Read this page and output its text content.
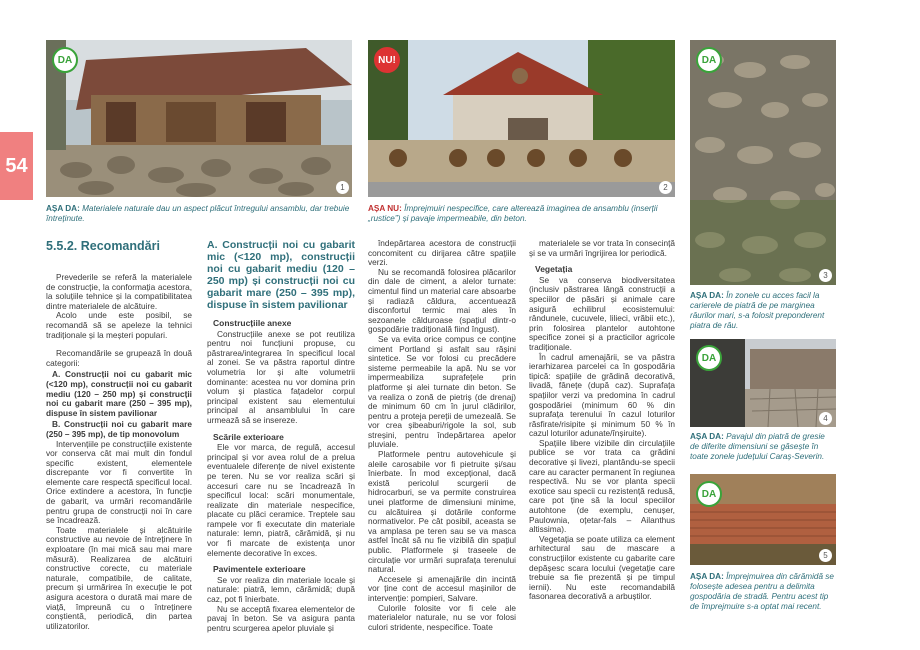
54
DA
1
NU!
2
DA
3
DA
4
DA
5
AȘA DA: Materialele naturale dau un aspect plăcut întregului ansamblu, dar trebuie întreținute.
AȘA NU: Împrejmuiri nespecifice, care alterează imaginea de ansamblu (inserții „rustice”) și pavaje impermeabile, din beton.
AȘA DA: În zonele cu acces facil la carierele de piatră de pe marginea râurilor mari, s-a folosit preponderent piatra de râu.
AȘA DA: Pavajul din piatră de gresie de diferite dimensiuni se găsește în toate zonele județului Caraș-Severin.
AȘA DA: Împrejmuirea din cărămidă se folosește adesea pentru a delimita gospodăria de stradă. Pentru acest tip de împrejmuire s-a optat mai recent.
5.5.2. Recomandări

Prevederile se referă la materialele de construcție, la conformația acestora, la soluțiile tehnice și la compatibilitatea dintre materialele de alcătuire.

Acolo unde este posibil, se recomandă să se apeleze la tehnici tradiționale și la meșteri populari.

Recomandările se grupează în două categorii:

A. Construcții noi cu gabarit mic (<120 mp), construcții noi cu gabarit mediu (120 – 250 mp) și construcții noi cu gabarit mare (250 – 395 mp), dispuse în sistem pavilionar
B. Construcții noi cu gabarit mare (250 – 395 mp), de tip monovolum

Intervențiile pe construcțiile existente vor conserva cât mai mult din fondul specific existent, elementele discrepante vor fi convertite în elemente care respectă specificul local. Orice extindere a acestora, în funcție de gabarit, va urmări recomandările pentru grupa de construcții noi în care se încadrează.

Toate materialele și alcătuirile constructive au nevoie de întreținere în exploatare (în mai mică sau mai mare măsură). Realizarea de alcătuiri constructive corecte, cu materiale naturale, compatibile, de calitate, precum și urmărirea în execuție le pot asigura acestora o durată mai mare de viață, împreună cu o întreținere conștientă, periodică, din partea utilizatorilor.

A. Construcții noi cu gabarit mic (<120 mp), construcții noi cu gabarit mediu (120 – 250 mp) și construcții noi cu gabarit mare (250 – 395 mp), dispuse în sistem pavilionar
Construcțiile anexe

Construcțiile anexe se pot reutiliza pentru noi funcțiuni propuse, cu păstrarea/integrarea în specificul local al zonei. Se va păstra raportul dintre volumetria lor și alte volumetrii dominante: acestea nu vor domina prin volum și plastica fațadelor corpul principal existent sau elementului principal al ansamblului în care urmează să se insereze.

Scările exterioare

Ele vor marca, de regulă, accesul principal și vor avea rolul de a prelua eventualele diferențe de nivel existente pe teren. Nu se vor realiza scări și accesuri care nu se încadrează în specificul local: scări monumentale, realizate din materiale nespecifice, placate cu plăci ceramice. Treptele sau rampele vor fi executate din materiale naturale: lemn, piatră, cărămidă, și nu vor fi marcate de existența unor elemente decorative în exces.

Pavimentele exterioare

Se vor realiza din materiale locale și naturale: piatră, lemn, cărămidă; după caz, pot fi înierbate.

Nu se acceptă fixarea elementelor de pavaj în beton. Se va asigura panta pentru scurgerea apelor pluviale și

îndepărtarea acestora de construcții concomitent cu dirijarea către spațiile verzi.

Nu se recomandă folosirea plăcarilor din dale de ciment, a alelor turnate: cimentul fiind un material care absoarbe și radiază căldura, accentuează disconfortul termic mai ales în sezoanele călduroase (spațiul dintr-o gospodărie tradițională fiind îngust).

Se va evita orice compus ce conține ciment Portland și asfalt sau rășini sintetice. Se vor folosi cu precădere sisteme permeabile la apă. Nu se vor impermeabiliza suprafețele prin platforme și alei turnate din beton. Se va realiza o zonă de pietriș (de drenaj) de minimum 60 cm în jurul clădirilor, pentru a proteja pereții de umezeală. Se vor crea șibeaburi/rigole la sol, sub streșini, pentru îndepărtarea apelor pluviale.

Platformele pentru autovehicule și aleile carosabile vor fi pietruite și/sau înierbate. În mod excepțional, dacă există pericolul scurgerii de hidrocarburi, se va permite construirea unei platforme de dimensiuni minime, cu alcătuirea și dotările conforme normativelor. Pe cât posibil, aceasta se va amplasa pe teren sau se va masca astfel încât să nu fie vizibilă din spațiul public. Platformele și traseele de circulație vor urmări suprafața terenului natural.

Accesele și amenajările din incintă vor ține cont de accesul mașinilor de intervenție: pompieri, Salvare.

Culorile folosite vor fi cele ale materialelor naturale, nu se vor folosi culori stridente, nespecifice. Toate

materialele se vor trata în consecință și se va urmări îngrijirea lor periodică.

Vegetația

Se va conserva biodiversitatea (inclusiv păstrarea lângă construcții a speciilor de păsări și animale care asigură echilibrul ecosistemului: rândunele, cucuvele, lilieci, vrăbii etc.), prin folosirea plantelor autohtone specifice zonei și a practicilor agricole tradiționale.

În cadrul amenajării, se va păstra ierarhizarea parcelei ca în gospodăria tipică: spațiile de grădină decorativă, livadă, fânețe (după caz). Suprafața spațiilor verzi va predomina în cadrul gospodăriei (minimum 60 % din suprafața terenului în cazul loturilor răsfirate/risipite și minimum 50 % în cazul loturilor adunate/înșiruite).

Spațiile libere vizibile din circulațiile publice se vor trata ca grădini decorative și livezi, plantându-se specii care au caracter permanent în regiunea respectivă. Nu se vor planta specii exotice sau specii cu rezistență redusă, care pot ține să la locul speciilor autohtone (de exemplu, cenușer, Paulownia, oțetar-fals – Ailanthus altissima).

Vegetația se poate utiliza ca element arhitectural sau de mascare a construcțiilor existente cu gabarite care depășesc scara locului (vegetație care trebuie sa fie prezentă și pe timpul iernii). Nu este recomandabilă fasonarea decorativă a arbuștilor.
